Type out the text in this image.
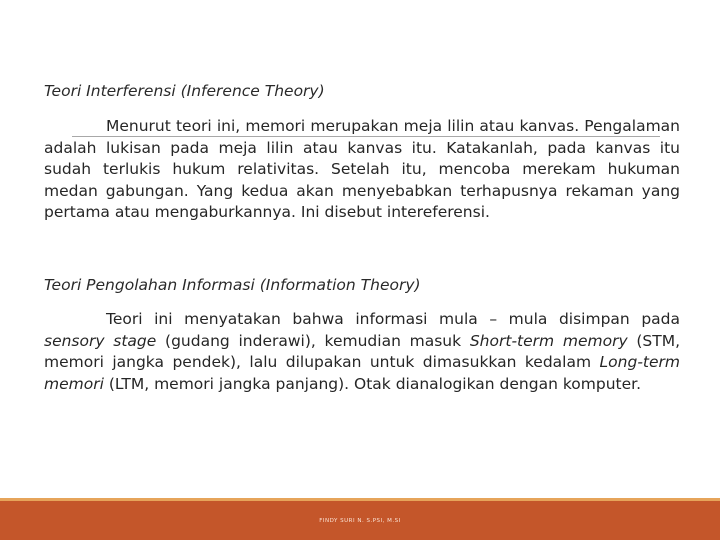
Teori Interferensi (Inference Theory)

Menurut teori ini, memori merupakan meja lilin atau kanvas. Pengalaman adalah lukisan pada meja lilin atau kanvas itu. Katakanlah, pada kanvas itu sudah terlukis hukum relativitas. Setelah itu, mencoba merekam hukuman medan gabungan. Yang kedua akan menyebabkan terhapusnya rekaman yang pertama atau mengaburkannya. Ini disebut intereferensi.

Teori Pengolahan Informasi (Information Theory)

Teori ini menyatakan bahwa informasi mula – mula disimpan pada sensory stage (gudang inderawi), kemudian masuk Short-term memory (STM, memori jangka pendek), lalu dilupakan untuk dimasukkan kedalam Long-term memori (LTM, memori jangka panjang). Otak dianalogikan dengan komputer.

FINDY SURI N. S.PSI, M.SI
